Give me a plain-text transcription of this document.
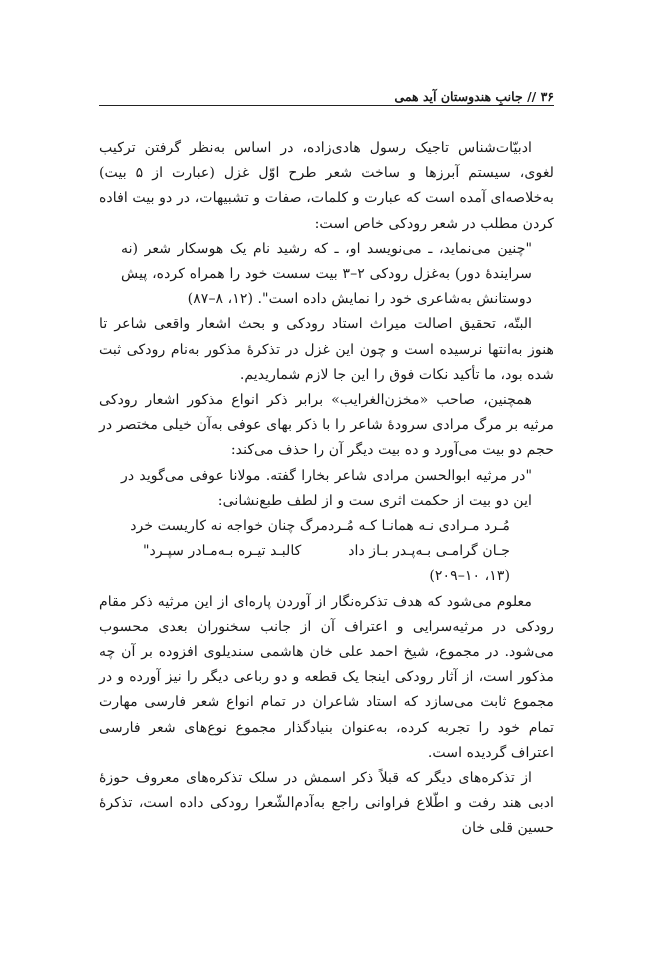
۳۶

//

جانبِ هندوستان آید همی

ادبیّات‌شناس تاجیک رسول هادی‌زاده، در اساس به‌نظر گرفتن ترکیب لغوی، سیستم آبرزها و ساخت شعر طرح اوّل غزل (عبارت از ۵ بیت) به‌خلاصه‌ای آمده است که عبارت و کلمات، صفات و تشبیهات، در دو بیت افاده کردن مطلب در شعر رودکی خاص است:

"چنین می‌نماید، ـ می‌نویسد او، ـ که رشید نام یک هوسکار شعر (نه سرایندهٔ دور) به‌غزل رودکی ۲–۳ بیت سست خود را همراه کرده، پیش دوستانش به‌شاعری خود را نمایش داده است". (۱۲، ۸–۸۷)

البتّه، تحقیق اصالت میراث استاد رودکی و بحث اشعار واقعی شاعر تا هنوز به‌انتها نرسیده است و چون این غزل در تذکرهٔ مذکور به‌نام رودکی ثبت شده بود، ما تأکید نکات فوق را این جا لازم شماریدیم.

همچنین، صاحب «مخزن‌الغرایب» برابر ذکر انواع مذکور اشعار رودکی مرثیه بر مرگ مرادی سرودهٔ شاعر را با ذکر بهای عوفی به‌آن خیلی مختصر در حجم دو بیت می‌آورد و ده بیت دیگر آن را حذف می‌کند:

"در مرثیه ابوالحسن مرادی شاعر بخارا گفته. مولانا عوفی می‌گوید در این دو بیت از حکمت اثری ست و از لطف طبع‌نشانی:

مُـرد مـرادی نـه همانـا کـه مُـرد
مرگ چنان خواجه نه کاریست خرد
جـان گرامـی بـه‌پـدر بـاز داد
کالبـد تیـره بـه‌مـادر سپـرد"

(۱۳، ۱۰–۲۰۹)

معلوم می‌شود که هدف تذکره‌نگار از آوردن پاره‌ای از این مرثیه ذکر مقام رودکی در مرثیه‌سرایی و اعتراف آن از جانب سخنوران بعدی محسوب می‌شود. در مجموع، شیخ احمد علی خان هاشمی سندیلوی افزوده بر آن چه مذکور است، از آثار رودکی اینجا یک قطعه و دو رباعی دیگر را نیز آورده و در مجموع ثابت می‌سازد که استاد شاعران در تمام انواع شعر فارسی مهارت تمام خود را تجربه کرده، به‌عنوان بنیادگذار مجموع نوع‌های شعر فارسی اعتراف گردیده است.

از تذکره‌های دیگر که قبلاً ذکر اسمش در سلک تذکره‌های معروف حوزهٔ ادبی هند رفت و اطّلاع فراوانی راجع به‌آدم‌الشّعرا رودکی داده است، تذکرهٔ حسین قلی خان
